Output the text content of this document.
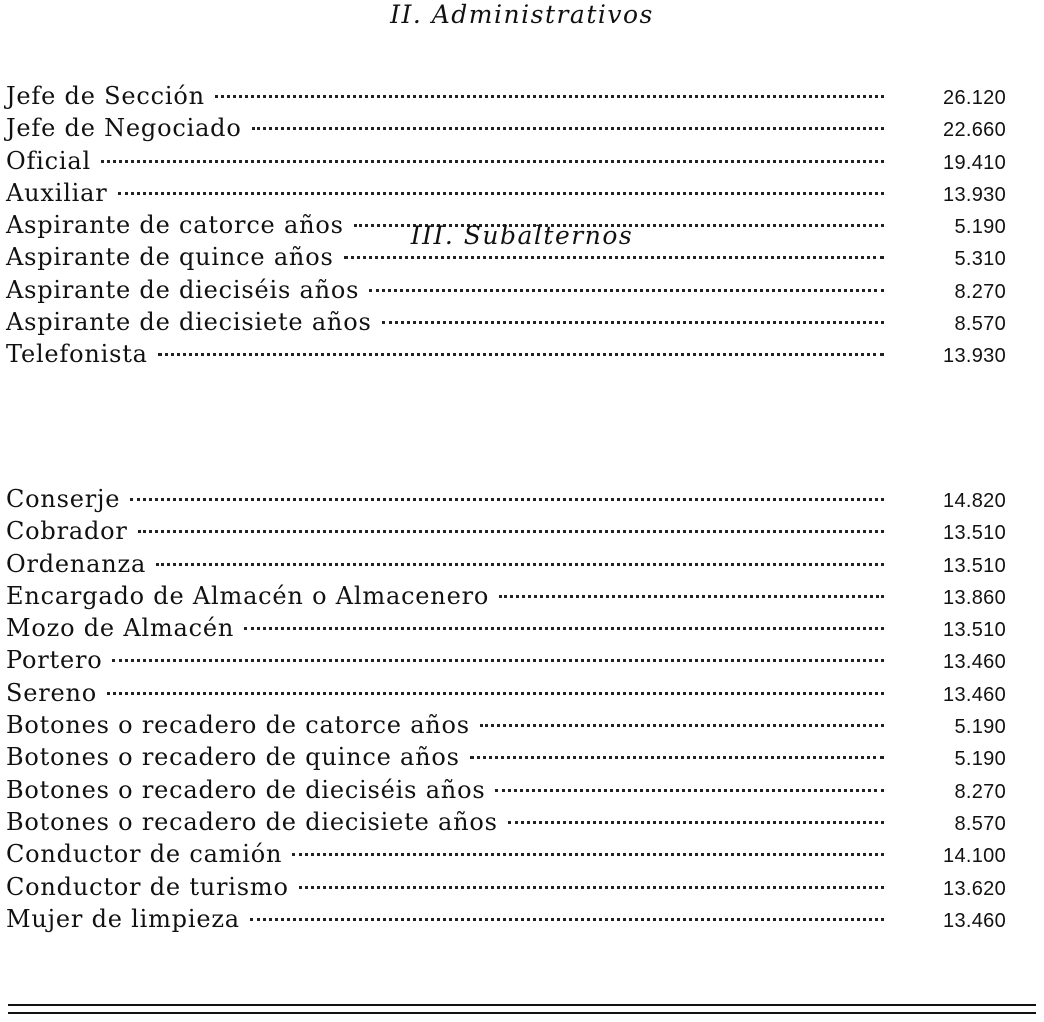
II. Administrativos
Jefe de Sección	26.120
Jefe de Negociado	22.660
Oficial	19.410
Auxiliar	13.930
Aspirante de catorce años	5.190
Aspirante de quince años	5.310
Aspirante de dieciséis años	8.270
Aspirante de diecisiete años	8.570
Telefonista	13.930
III. Subalternos
Conserje	14.820
Cobrador	13.510
Ordenanza	13.510
Encargado de Almacén o Almacenero	13.860
Mozo de Almacén	13.510
Portero	13.460
Sereno	13.460
Botones o recadero de catorce años	5.190
Botones o recadero de quince años	5.190
Botones o recadero de dieciséis años	8.270
Botones o recadero de diecisiete años	8.570
Conductor de camión	14.100
Conductor de turismo	13.620
Mujer de limpieza	13.460
